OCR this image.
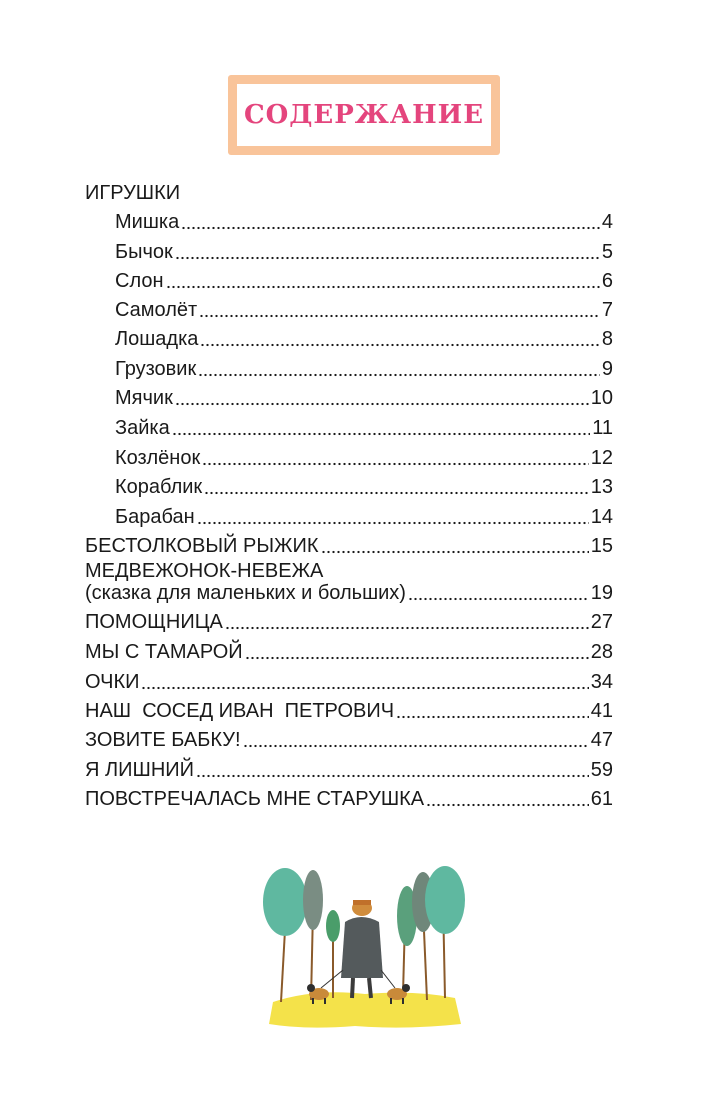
СОДЕРЖАНИЕ
ИГРУШКИ
Мишка	4
Бычок	5
Слон	6
Самолёт	7
Лошадка	8
Грузовик	9
Мячик	10
Зайка	11
Козлёнок	12
Кораблик	13
Барабан	14
БЕСТОЛКОВЫЙ РЫЖИК	15
МЕДВЕЖОНОК-НЕВЕЖА
(сказка для маленьких и больших)	19
ПОМОЩНИЦА	27
МЫ С ТАМАРОЙ	28
ОЧКИ	34
НАШ  СОСЕД ИВАН  ПЕТРОВИЧ	41
ЗОВИТЕ БАБКУ!	47
Я ЛИШНИЙ	59
ПОВСТРЕЧАЛАСЬ МНЕ СТАРУШКА	61
